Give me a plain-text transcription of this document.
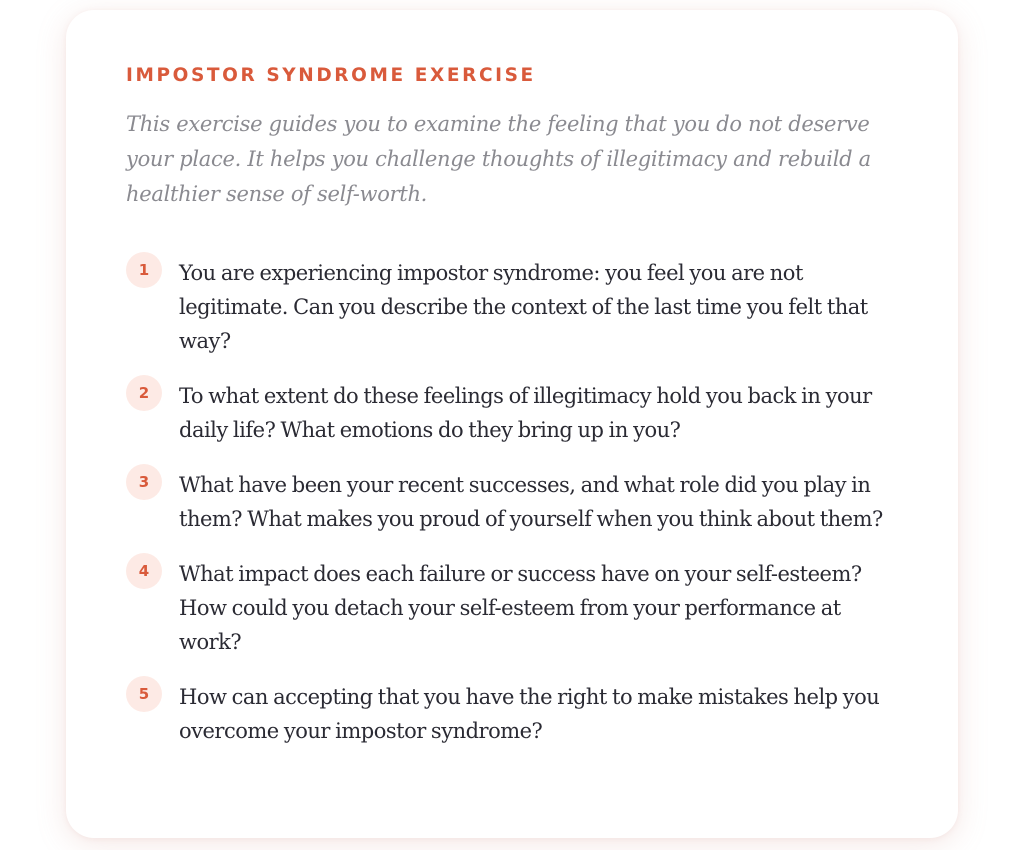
IMPOSTOR SYNDROME EXERCISE

This exercise guides you to examine the feeling that you do not deserve your place. It helps you challenge thoughts of illegitimacy and rebuild a healthier sense of self-worth.

1	You are experiencing impostor syndrome: you feel you are not legitimate. Can you describe the context of the last time you felt that way?
2	To what extent do these feelings of illegitimacy hold you back in your daily life? What emotions do they bring up in you?
3	What have been your recent successes, and what role did you play in them? What makes you proud of yourself when you think about them?
4	What impact does each failure or success have on your self-esteem? How could you detach your self-esteem from your performance at work?
5	How can accepting that you have the right to make mistakes help you overcome your impostor syndrome?
